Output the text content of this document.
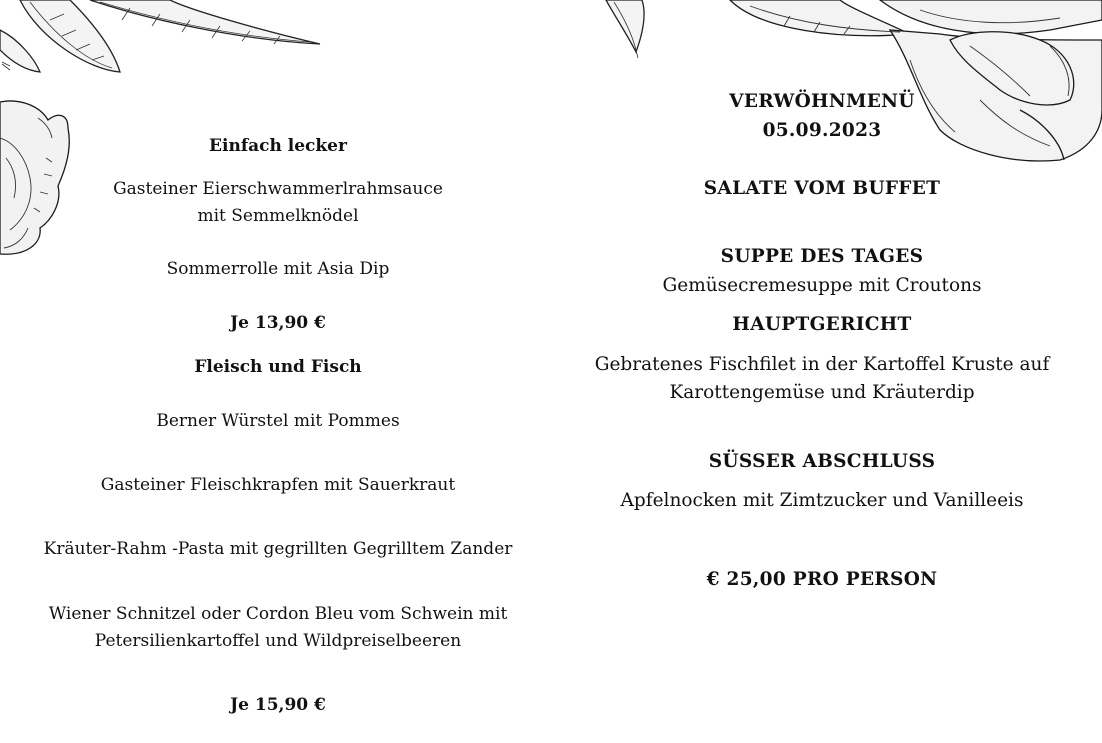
Einfach lecker
Gasteiner Eierschwammerlrahmsauce
mit Semmelknödel
Sommerrolle mit Asia Dip
Je 13,90 €
Fleisch und Fisch
Berner Würstel mit Pommes
Gasteiner Fleischkrapfen mit Sauerkraut
Kräuter-Rahm -Pasta mit gegrillten Gegrilltem Zander
Wiener Schnitzel oder Cordon Bleu vom Schwein mit
Petersilienkartoffel und Wildpreiselbeeren
Je 15,90 €
VERWÖHNMENÜ
05.09.2023
SALATE VOM BUFFET
SUPPE DES TAGES
Gemüsecremesuppe mit Croutons
HAUPTGERICHT
Gebratenes Fischfilet in der Kartoffel Kruste auf
Karottengemüse und Kräuterdip
SÜSSER ABSCHLUSS
Apfelnocken mit Zimtzucker und Vanilleeis
€ 25,00 PRO PERSON
